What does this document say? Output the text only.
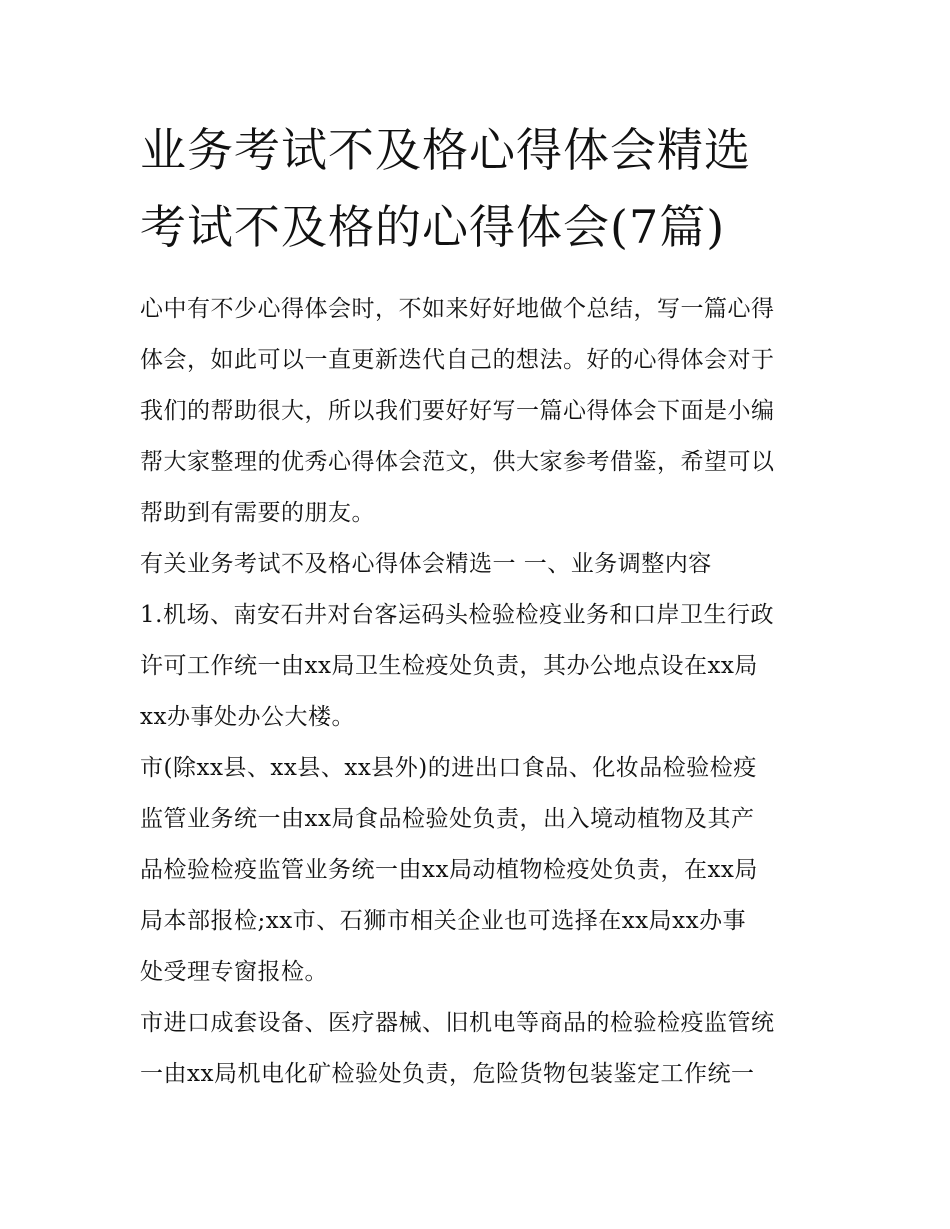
业务考试不及格心得体会精选
考试不及格的心得体会(7篇)

心中有不少心得体会时，不如来好好地做个总结，写一篇心得
体会，如此可以一直更新迭代自己的想法。好的心得体会对于
我们的帮助很大，所以我们要好好写一篇心得体会下面是小编
帮大家整理的优秀心得体会范文，供大家参考借鉴，希望可以
帮助到有需要的朋友。

有关业务考试不及格心得体会精选一 一、业务调整内容

1.机场、南安石井对台客运码头检验检疫业务和口岸卫生行政
许可工作统一由xx局卫生检疫处负责，其办公地点设在xx局
xx办事处办公大楼。

市(除xx县、xx县、xx县外)的进出口食品、化妆品检验检疫
监管业务统一由xx局食品检验处负责，出入境动植物及其产
品检验检疫监管业务统一由xx局动植物检疫处负责，在xx局
局本部报检;xx市、石狮市相关企业也可选择在xx局xx办事
处受理专窗报检。

市进口成套设备、医疗器械、旧机电等商品的检验检疫监管统
一由xx局机电化矿检验处负责，危险货物包装鉴定工作统一
